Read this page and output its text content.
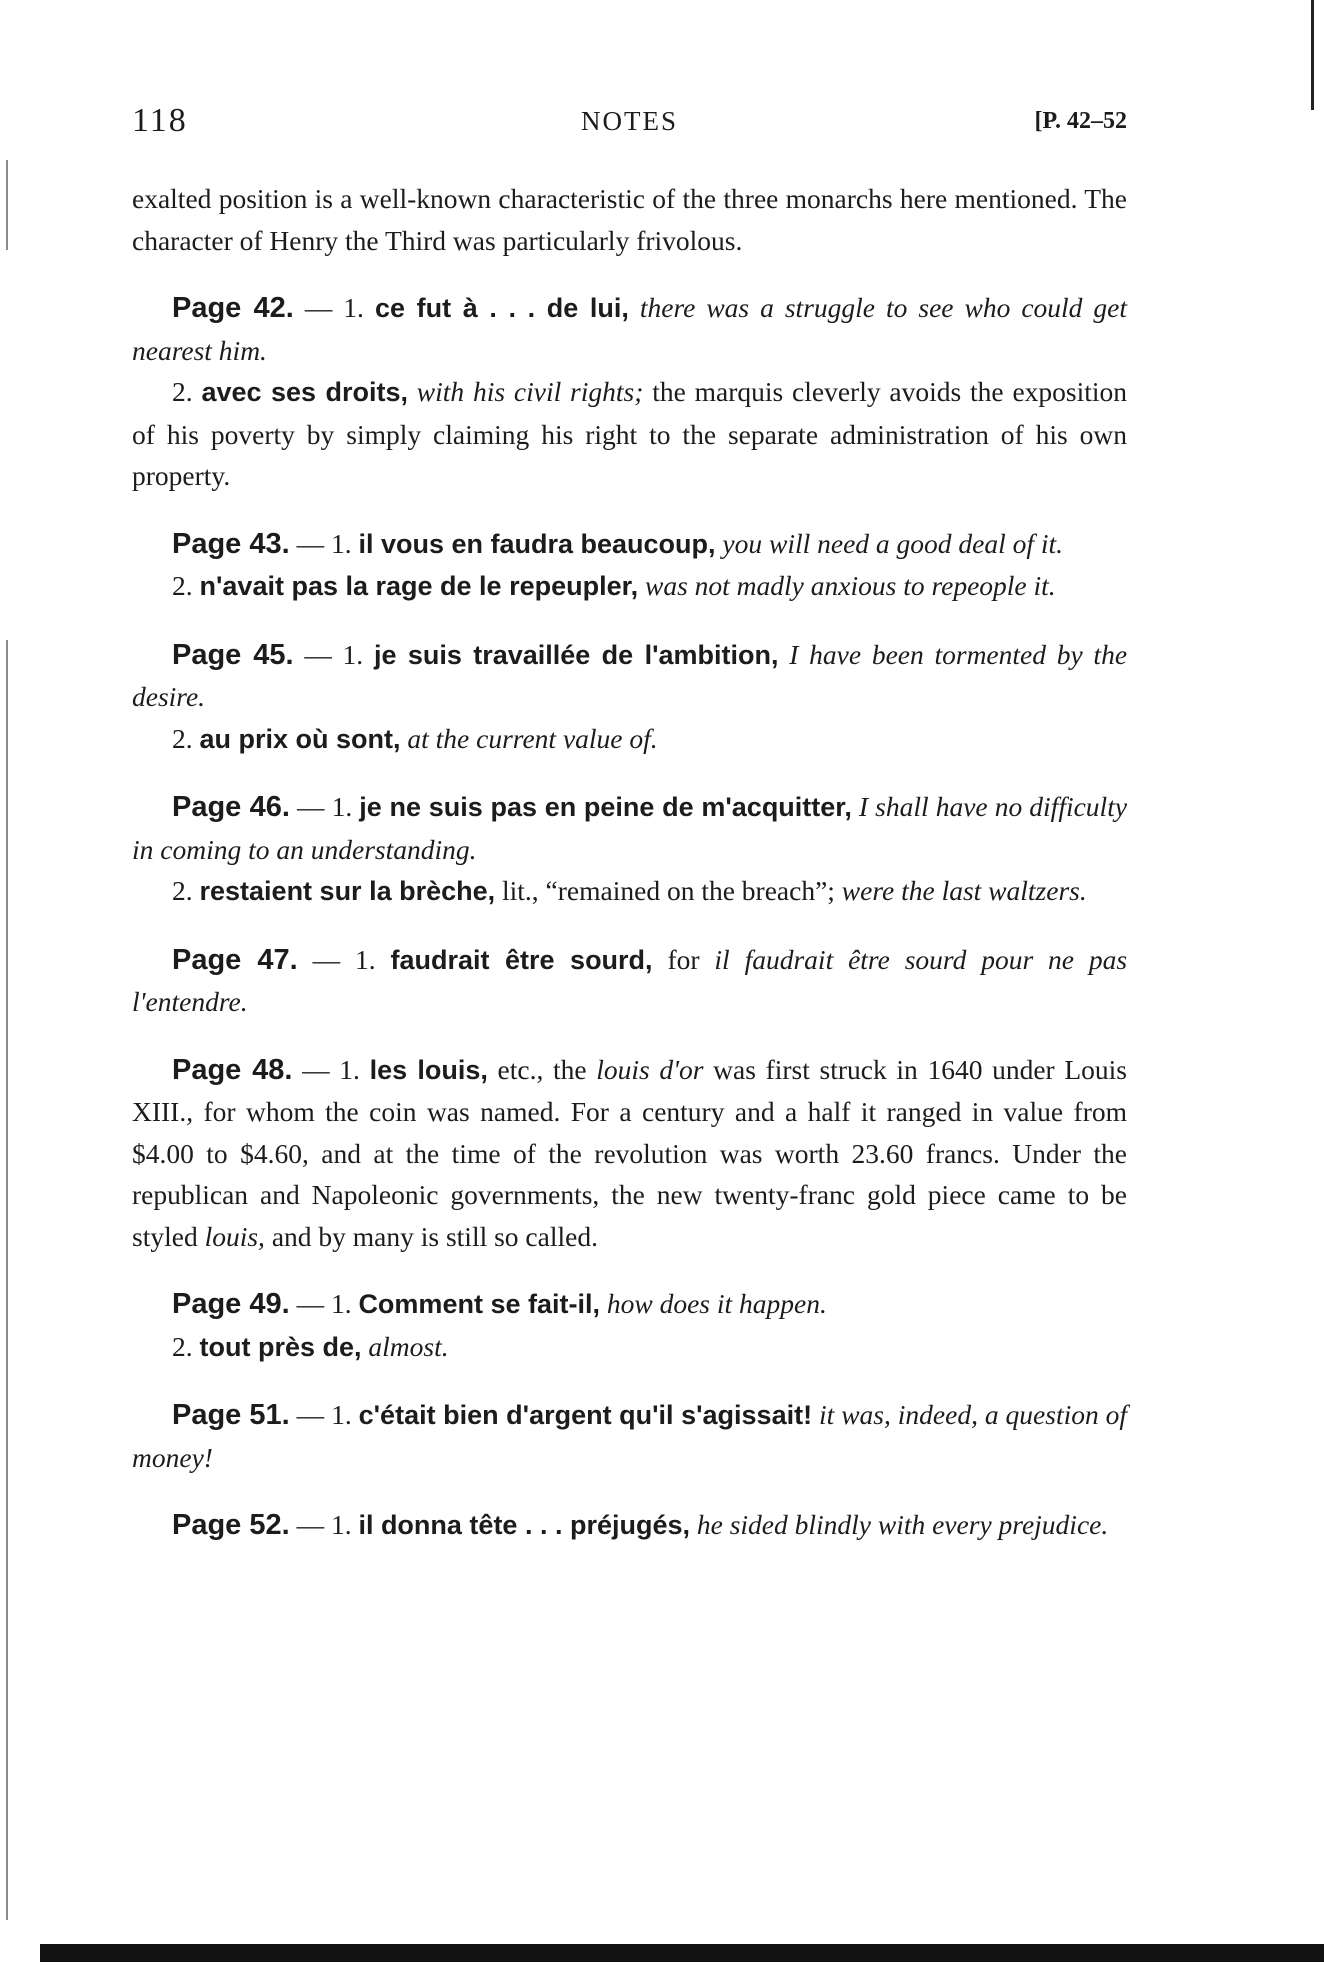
118	NOTES	[P. 42–52

exalted position is a well-known characteristic of the three monarchs here mentioned. The character of Henry the Third was particularly frivolous.

Page 42. — 1. ce fut à . . . de lui, there was a struggle to see who could get nearest him.

2. avec ses droits, with his civil rights; the marquis cleverly avoids the exposition of his poverty by simply claiming his right to the separate administration of his own property.

Page 43. — 1. il vous en faudra beaucoup, you will need a good deal of it.

2. n'avait pas la rage de le repeupler, was not madly anxious to repeople it.

Page 45. — 1. je suis travaillée de l'ambition, I have been tormented by the desire.

2. au prix où sont, at the current value of.

Page 46. — 1. je ne suis pas en peine de m'acquitter, I shall have no difficulty in coming to an understanding.

2. restaient sur la brèche, lit., “remained on the breach”; were the last waltzers.

Page 47. — 1. faudrait être sourd, for il faudrait être sourd pour ne pas l'entendre.

Page 48. — 1. les louis, etc., the louis d'or was first struck in 1640 under Louis XIII., for whom the coin was named. For a century and a half it ranged in value from $4.00 to $4.60, and at the time of the revolution was worth 23.60 francs. Under the republican and Napoleonic governments, the new twenty-franc gold piece came to be styled louis, and by many is still so called.

Page 49. — 1. Comment se fait-il, how does it happen.

2. tout près de, almost.

Page 51. — 1. c'était bien d'argent qu'il s'agissait! it was, indeed, a question of money!

Page 52. — 1. il donna tête . . . préjugés, he sided blindly with every prejudice.
